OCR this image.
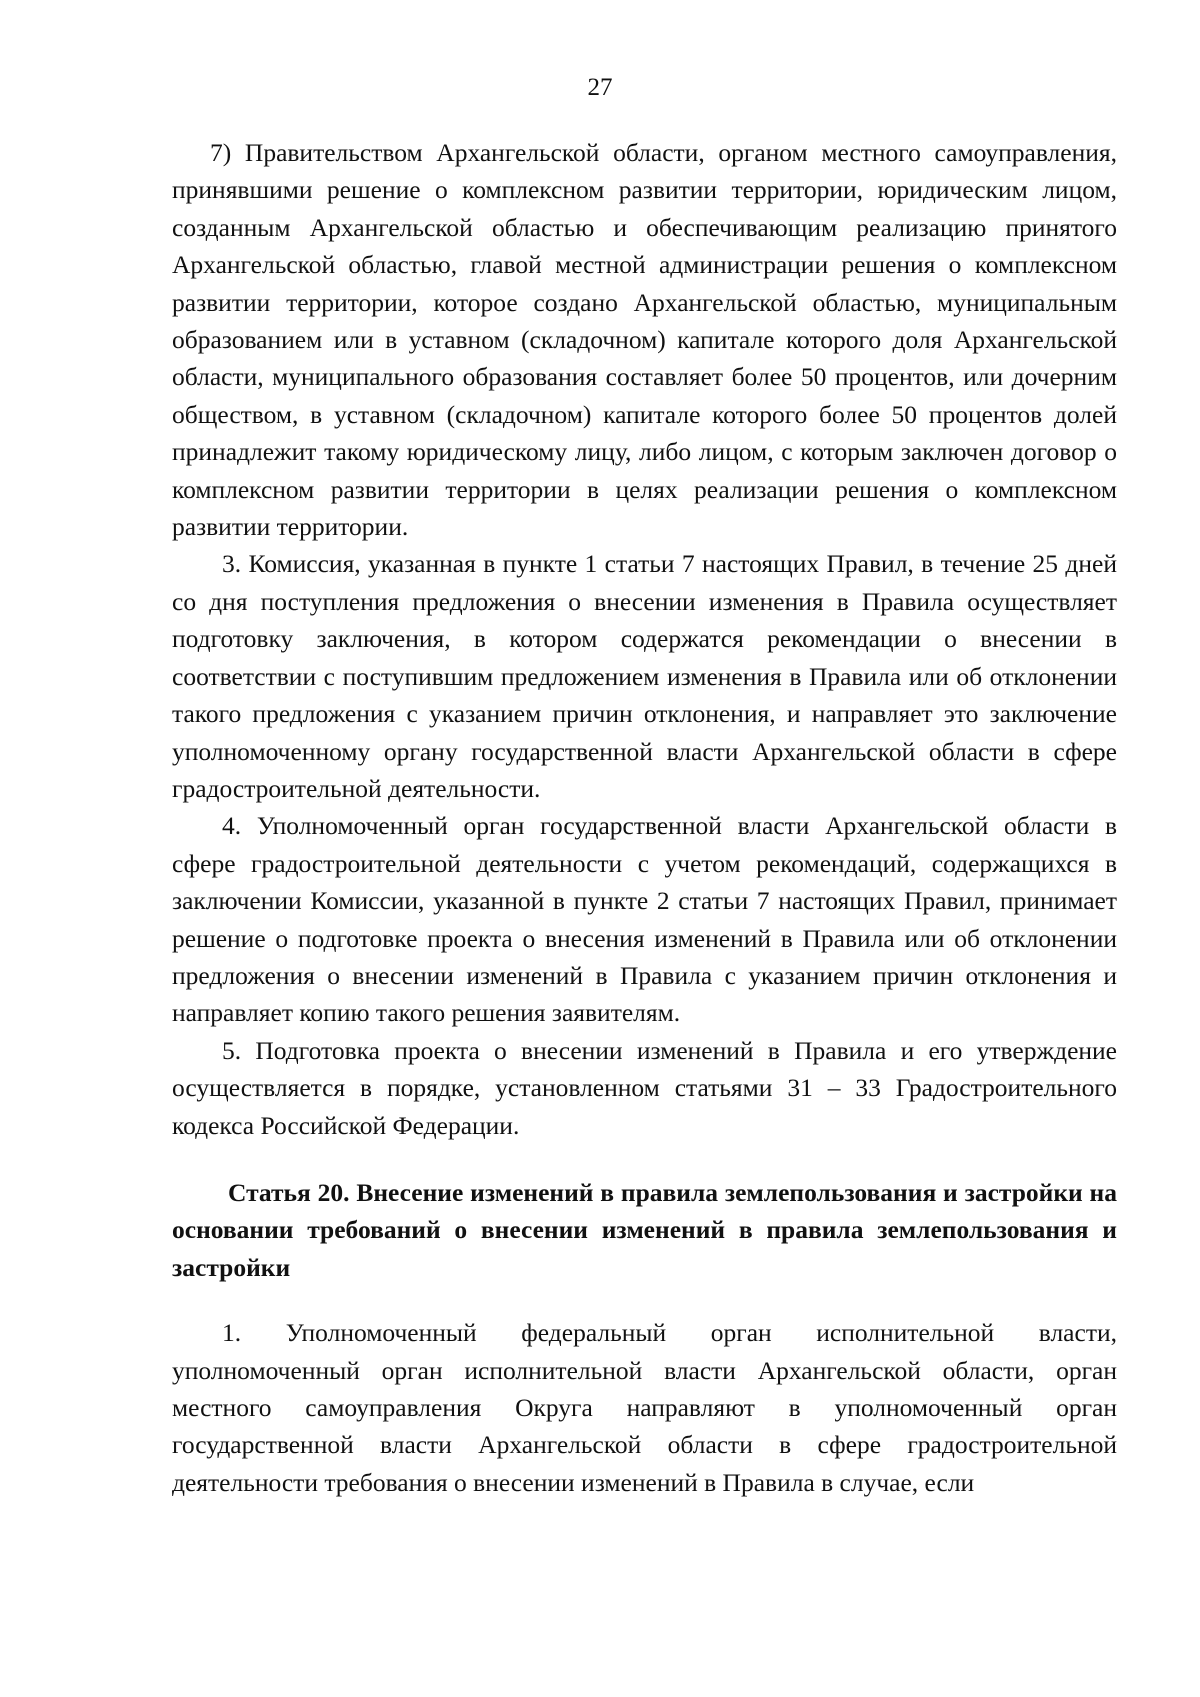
27

7) Правительством Архангельской области, органом местного самоуправления, принявшими решение о комплексном развитии территории, юридическим лицом, созданным Архангельской областью и обеспечивающим реализацию принятого Архангельской областью, главой местной администрации решения о комплексном развитии территории, которое создано Архангельской областью, муниципальным образованием или в уставном (складочном) капитале которого доля Архангельской области, муниципального образования составляет более 50 процентов, или дочерним обществом, в уставном (складочном) капитале которого более 50 процентов долей принадлежит такому юридическому лицу, либо лицом, с которым заключен договор о комплексном развитии территории в целях реализации решения о комплексном развитии территории.

3. Комиссия, указанная в пункте 1 статьи 7 настоящих Правил, в течение 25 дней со дня поступления предложения о внесении изменения в Правила осуществляет подготовку заключения, в котором содержатся рекомендации о внесении в соответствии с поступившим предложением изменения в Правила или об отклонении такого предложения с указанием причин отклонения, и направляет это заключение уполномоченному органу государственной власти Архангельской области в сфере градостроительной деятельности.

4. Уполномоченный орган государственной власти Архангельской области в сфере градостроительной деятельности с учетом рекомендаций, содержащихся в заключении Комиссии, указанной в пункте 2 статьи 7 настоящих Правил, принимает решение о подготовке проекта о внесения изменений в Правила или об отклонении предложения о внесении изменений в Правила с указанием причин отклонения и направляет копию такого решения заявителям.

5. Подготовка проекта о внесении изменений в Правила и его утверждение осуществляется в порядке, установленном статьями 31 – 33 Градостроительного кодекса Российской Федерации.

Статья 20. Внесение изменений в правила землепользования и застройки на основании требований о внесении изменений в правила землепользования и застройки

1. Уполномоченный федеральный орган исполнительной власти, уполномоченный орган исполнительной власти Архангельской области, орган местного самоуправления Округа направляют в уполномоченный орган государственной власти Архангельской области в сфере градостроительной деятельности требования о внесении изменений в Правила в случае, если
